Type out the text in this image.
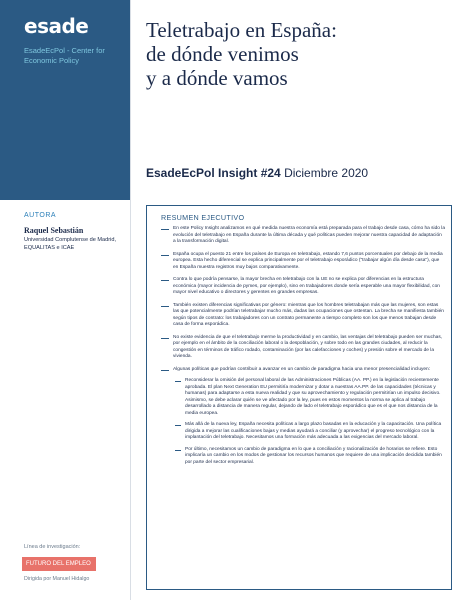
esade
EsadeEcPol - Center for Economic Policy
AUTORA
Raquel Sebastián
Universidad Complutense de Madrid, EQUALITAS e ICAE
Línea de investigación:
FUTURO DEL EMPLEO
Dirigida por Manuel Hidalgo
Teletrabajo en España:
de dónde venimos
y a dónde vamos
EsadeEcPol Insight #24 Diciembre 2020
RESUMEN EJECUTIVO
En este Policy Insight analizamos en qué medida nuestra economía está preparada para el trabajo desde casa, cómo ha sido la evolución del teletrabajo en España durante la última década y qué políticas pueden mejorar nuestra capacidad de adaptación a la transformación digital.
España ocupa el puesto 21 entre los países de Europa en teletrabajo, estando 7,6 puntos porcentuales por debajo de la media europea. Esta hecho diferencial se explica principalmente por el teletrabajo esporádico ("trabajar algún día desde casa"), que en España muestra registros muy bajos comparativamente.
Contra lo que podría pensarse, la mayor brecha en teletrabajo con la UE no se explica por diferencias en la estructura económica (mayor incidencia de pymes, por ejemplo), sino en trabajadores donde sería esperable una mayor flexibilidad, con mayor nivel educativo o directores y gerentes en grandes empresas.
También existen diferencias significativas por género: mientras que los hombres teletrabajan más que las mujeres, son estas las que potencialmente podrían teletrabajar mucho más, dadas las ocupaciones que ostentan. La brecha se manifiesta también según tipos de contrato: los trabajadores con un contrato permanente a tiempo completo son los que menos trabajan desde casa de forma esporádica.
No existe evidencia de que el teletrabajo merme la productividad y en cambio, las ventajas del teletrabajo pueden ser muchas, por ejemplo en el ámbito de la conciliación laboral o la despoblación, y sobre todo en las grandes ciudades, al reducir la congestión en términos de tráfico rodado, contaminación (por las calefacciones y coches) y presión sobre el mercado de la vivienda.
Algunas políticas que podrían contribuir a avanzar en un cambio de paradigma hacia una menor presencialidad incluyen:
Reconsiderar la omisión del personal laboral de las Administraciones Públicas (AA. PP.) en la legislación recientemente aprobada. El plan Next Generation EU permitiría modernizar y dotar a nuestras AA.PP. de las capacidades (técnicas y humanas) para adaptarse a esta nueva realidad y que su aprovechamiento y regulación permitirían un impulso decisivo. Asimismo, se debe aclarar quién se ve afectado por la ley, pues en estos momentos la norma se aplica al trabajo desarrollado a distancia de manera regular, dejando de lado el teletrabajo esporádico que es el que nos distancia de la media europea.
Más allá de la nueva ley, España necesita políticas a largo plazo basadas en la educación y la capacitación. Una política dirigida a mejorar las cualificaciones bajas y medias ayudará a conciliar (y aprovechar) el progreso tecnológico con la implantación del teletrabajo. Necesitamos una formación más adecuada a las exigencias del mercado laboral.
Por último, necesitamos un cambio de paradigma en lo que a conciliación y racionalización de horarios se refiere. Esto implicaría un cambio en los modos de gestionar los recursos humanos que requiere de una implicación decidida también por parte del sector empresarial.
